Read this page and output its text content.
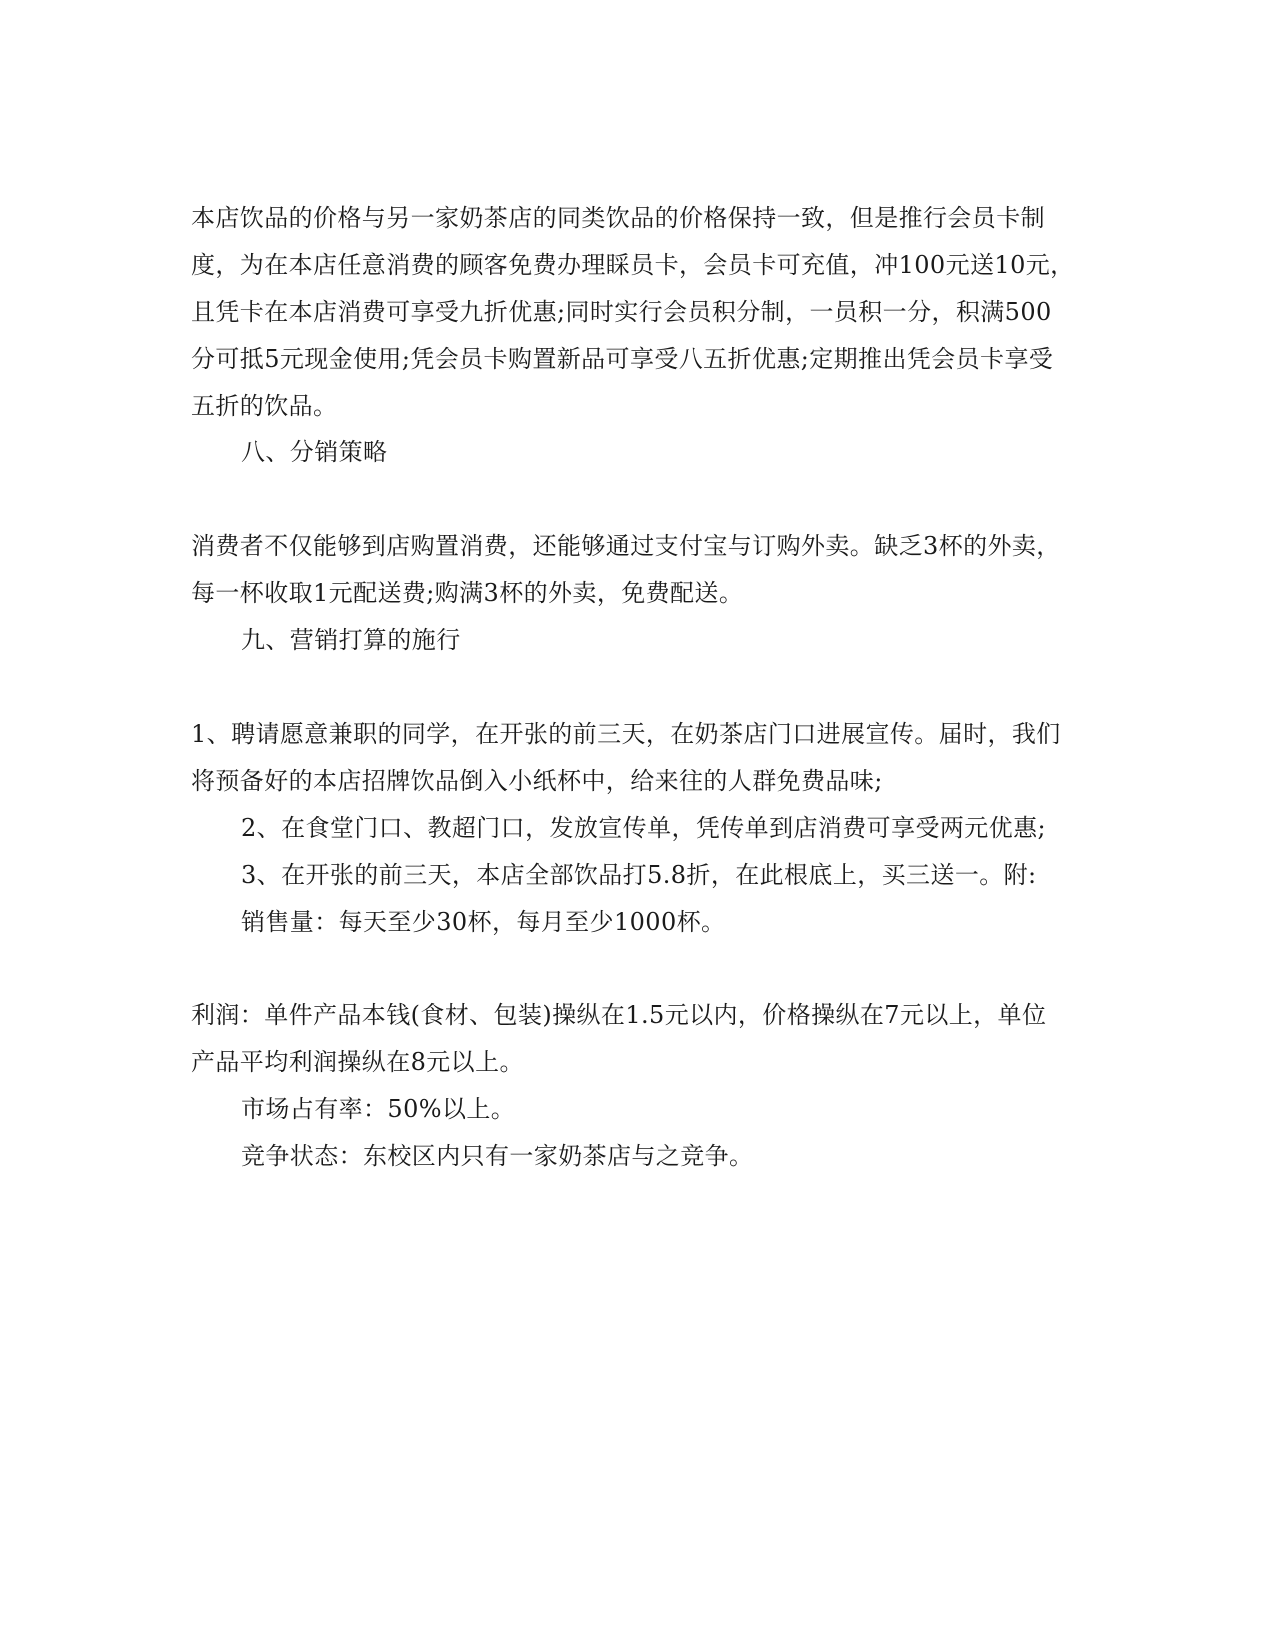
本店饮品的价格与另一家奶茶店的同类饮品的价格保持一致，但是推行会员卡制
度，为在本店任意消费的顾客免费办理睬员卡，会员卡可充值，冲100元送10元，
且凭卡在本店消费可享受九折优惠;同时实行会员积分制，一员积一分，积满500
分可抵5元现金使用;凭会员卡购置新品可享受八五折优惠;定期推出凭会员卡享受
五折的饮品。
八、分销策略
消费者不仅能够到店购置消费，还能够通过支付宝与订购外卖。缺乏3杯的外卖，
每一杯收取1元配送费;购满3杯的外卖，免费配送。
九、营销打算的施行
1、聘请愿意兼职的同学，在开张的前三天，在奶茶店门口进展宣传。届时，我们
将预备好的本店招牌饮品倒入小纸杯中，给来往的人群免费品味;
2、在食堂门口、教超门口，发放宣传单，凭传单到店消费可享受两元优惠;
3、在开张的前三天，本店全部饮品打5.8折，在此根底上，买三送一。附:
销售量：每天至少30杯，每月至少1000杯。
利润：单件产品本钱(食材、包装)操纵在1.5元以内，价格操纵在7元以上，单位
产品平均利润操纵在8元以上。
市场占有率：50%以上。
竞争状态：东校区内只有一家奶茶店与之竞争。
